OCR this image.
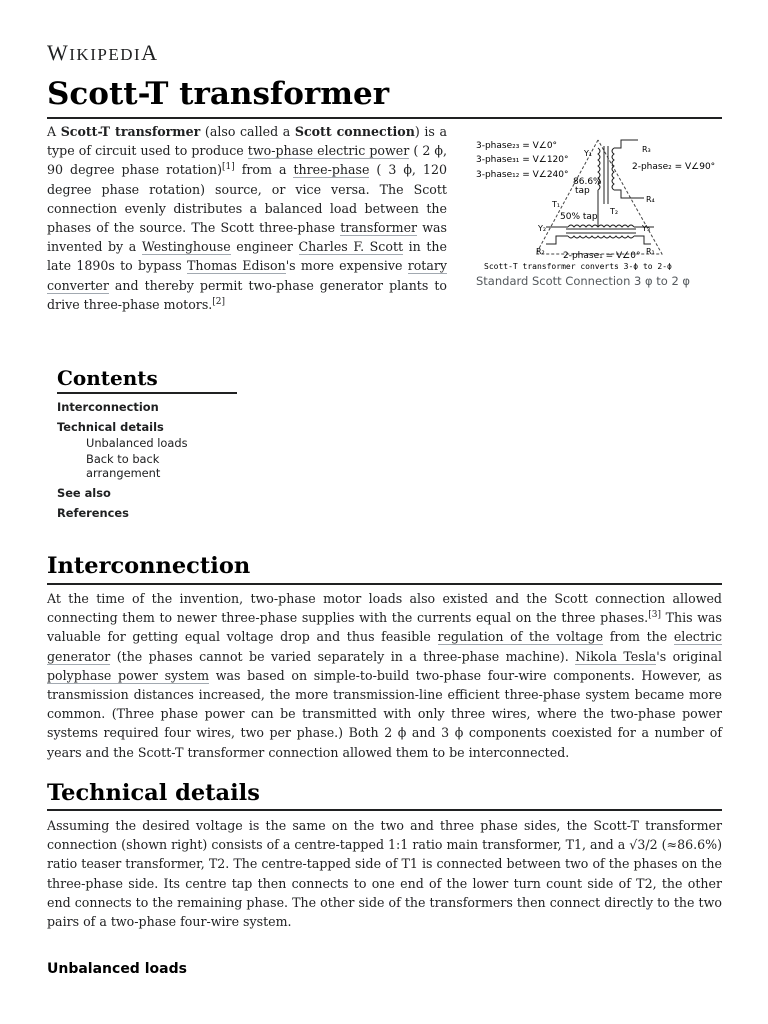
WIKIPEDIA
Scott-T transformer

A Scott-T transformer (also called a Scott connection) is a type of circuit used to produce two-phase electric power ( 2 ϕ, 90 degree phase rotation)[1] from a three-phase ( 3 ϕ, 120 degree phase rotation) source, or vice versa. The Scott connection evenly distributes a balanced load between the phases of the source. The Scott three-phase transformer was invented by a Westinghouse engineer Charles F. Scott in the late 1890s to bypass Thomas Edison's more expensive rotary converter and thereby permit two-phase generator plants to drive three-phase motors.[2]

3-phase₂₃ = V∠0°
3-phase₃₁ = V∠120°
3-phase₁₂ = V∠240°
86.6%
tap
50% tap
Y₁
Y₂	Y₃
T₁
T₂
R₃
R₄
R₂	R₁
2-phase₂ = V∠90°
2-phase₁ = V∠0°
Scott-T transformer converts 3-ϕ to 2-ϕ
Standard Scott Connection 3 φ to 2 φ
Contents
Interconnection
Technical details
Unbalanced loads
Back to back arrangement
See also
References
Interconnection

At the time of the invention, two-phase motor loads also existed and the Scott connection allowed connecting them to newer three-phase supplies with the currents equal on the three phases.[3] This was valuable for getting equal voltage drop and thus feasible regulation of the voltage from the electric generator (the phases cannot be varied separately in a three-phase machine). Nikola Tesla's original polyphase power system was based on simple-to-build two-phase four-wire components. However, as transmission distances increased, the more transmission-line efficient three-phase system became more common. (Three phase power can be transmitted with only three wires, where the two-phase power systems required four wires, two per phase.) Both 2 ϕ and 3 ϕ components coexisted for a number of years and the Scott-T transformer connection allowed them to be interconnected.

Technical details

Assuming the desired voltage is the same on the two and three phase sides, the Scott-T transformer connection (shown right) consists of a centre-tapped 1:1 ratio main transformer, T1, and a √3/2 (≈86.6%) ratio teaser transformer, T2. The centre-tapped side of T1 is connected between two of the phases on the three-phase side. Its centre tap then connects to one end of the lower turn count side of T2, the other end connects to the remaining phase. The other side of the transformers then connect directly to the two pairs of a two-phase four-wire system.

Unbalanced loads
